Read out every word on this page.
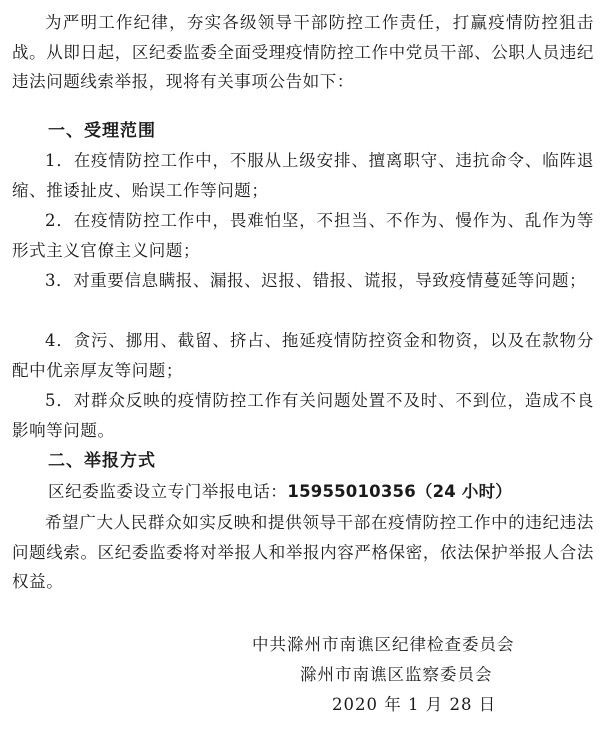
为严明工作纪律，夯实各级领导干部防控工作责任，打赢疫情防控狙击战。从即日起，区纪委监委全面受理疫情防控工作中党员干部、公职人员违纪违法问题线索举报，现将有关事项公告如下：

一、受理范围

1．在疫情防控工作中，不服从上级安排、擅离职守、违抗命令、临阵退缩、推诿扯皮、贻误工作等问题；

2．在疫情防控工作中，畏难怕坚，不担当、不作为、慢作为、乱作为等形式主义官僚主义问题；

3．对重要信息瞒报、漏报、迟报、错报、谎报，导致疫情蔓延等问题；

4．贪污、挪用、截留、挤占、拖延疫情防控资金和物资，以及在款物分配中优亲厚友等问题；

5．对群众反映的疫情防控工作有关问题处置不及时、不到位，造成不良影响等问题。

二、举报方式

区纪委监委设立专门举报电话：15955010356（24 小时）

希望广大人民群众如实反映和提供领导干部在疫情防控工作中的违纪违法问题线索。区纪委监委将对举报人和举报内容严格保密，依法保护举报人合法权益。

中共滁州市南谯区纪律检查委员会

滁州市南谯区监察委员会

2020 年 1 月 28 日
